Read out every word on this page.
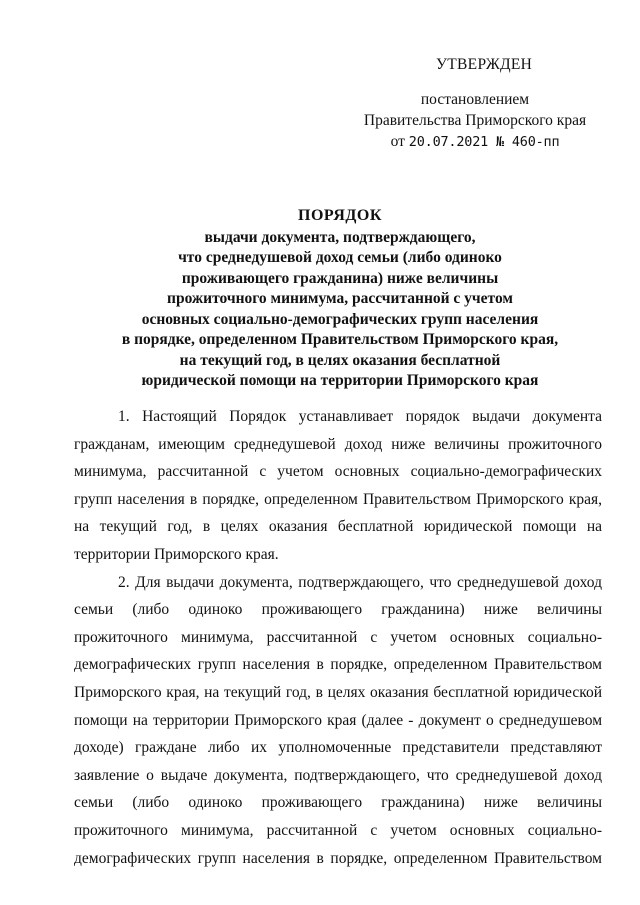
УТВЕРЖДЕН
постановлением
Правительства Приморского края
от 20.07.2021 № 460-пп
ПОРЯДОК
выдачи документа, подтверждающего,
что среднедушевой доход семьи (либо одиноко
проживающего гражданина) ниже величины
прожиточного минимума, рассчитанной с учетом
основных социально-демографических групп населения
в порядке, определенном Правительством Приморского края,
на текущий год, в целях оказания бесплатной
юридической помощи на территории Приморского края

1. Настоящий Порядок устанавливает порядок выдачи документа
гражданам, имеющим среднедушевой доход ниже величины прожиточного
минимума, рассчитанной с учетом основных социально-демографических
групп населения в порядке, определенном Правительством Приморского края,
на текущий год, в целях оказания бесплатной юридической помощи на
территории Приморского края.

2. Для выдачи документа, подтверждающего, что среднедушевой доход
семьи (либо одиноко проживающего гражданина) ниже величины
прожиточного минимума, рассчитанной с учетом основных социально-
демографических групп населения в порядке, определенном Правительством
Приморского края, на текущий год, в целях оказания бесплатной юридической
помощи на территории Приморского края (далее - документ о среднедушевом
доходе) граждане либо их уполномоченные представители представляют
заявление о выдаче документа, подтверждающего, что среднедушевой доход
семьи (либо одиноко проживающего гражданина) ниже величины
прожиточного минимума, рассчитанной с учетом основных социально-
демографических групп населения в порядке, определенном Правительством
